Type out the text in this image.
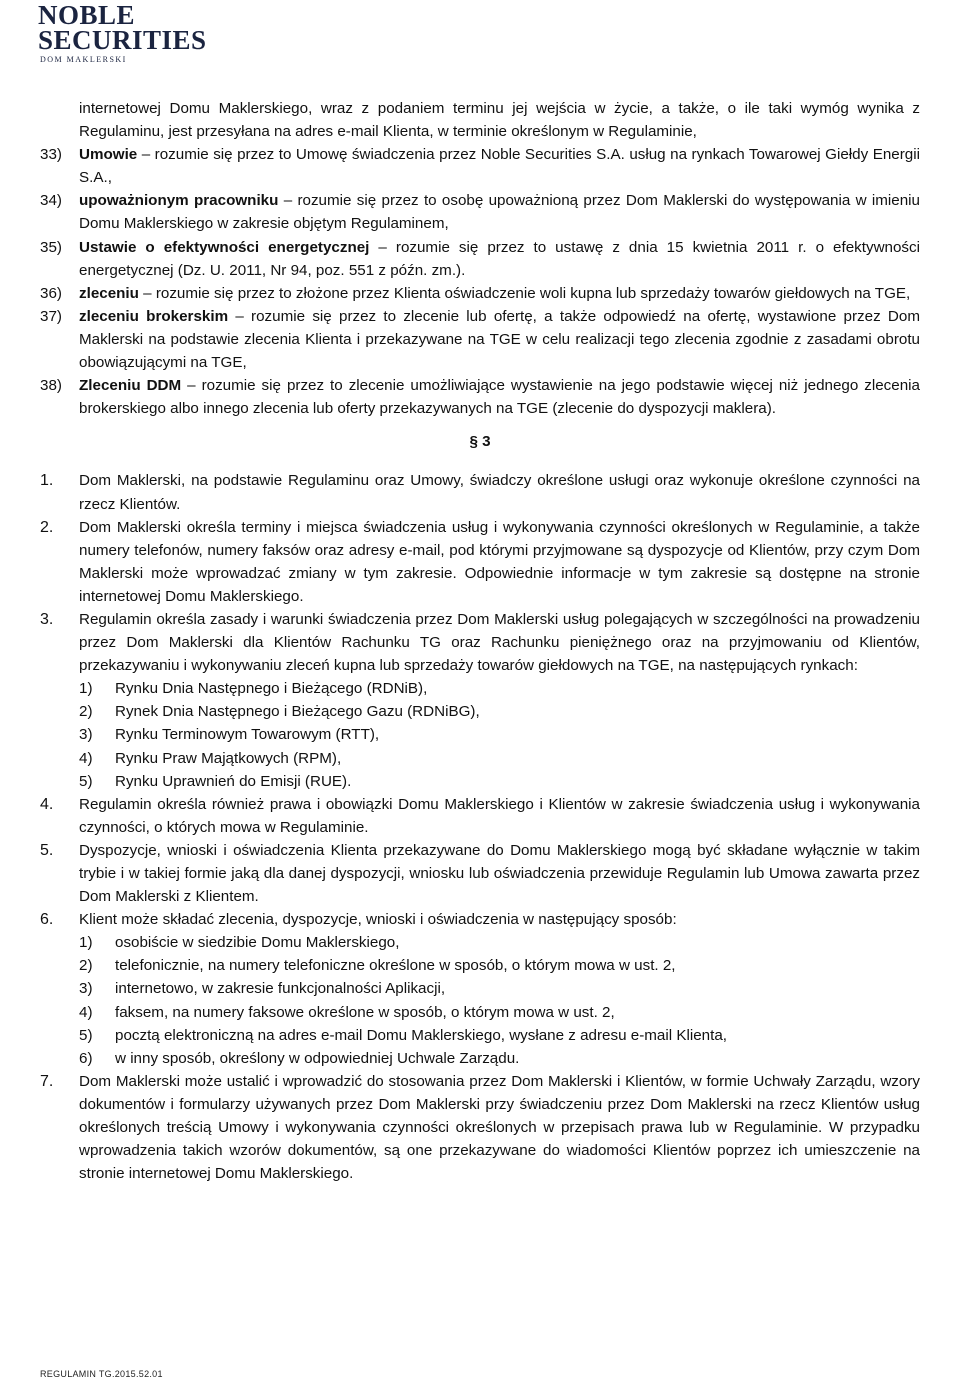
NOBLE
SECURITIES
DOM MAKLERSKI
internetowej Domu Maklerskiego, wraz z podaniem terminu jej wejścia w życie, a także, o ile taki wymóg wynika z Regulaminu, jest przesyłana na adres e-mail Klienta, w terminie określonym w Regulaminie,
33)	Umowie – rozumie się przez to Umowę świadczenia przez Noble Securities S.A. usług na rynkach Towarowej Giełdy Energii S.A.,
34)	upoważnionym pracowniku – rozumie się przez to osobę upoważnioną przez Dom Maklerski do występowania w imieniu Domu Maklerskiego w zakresie objętym Regulaminem,
35)	Ustawie o efektywności energetycznej – rozumie się przez to ustawę z dnia 15 kwietnia 2011 r. o efektywności energetycznej (Dz. U. 2011, Nr 94, poz. 551 z późn. zm.).
36)	zleceniu – rozumie się przez to złożone przez Klienta oświadczenie woli kupna lub sprzedaży towarów giełdowych na TGE,
37)	zleceniu brokerskim – rozumie się przez to zlecenie lub ofertę, a także odpowiedź na ofertę, wystawione przez Dom Maklerski na podstawie zlecenia Klienta i przekazywane na TGE w celu realizacji tego zlecenia zgodnie z zasadami obrotu obowiązującymi na TGE,
38)	Zleceniu DDM – rozumie się przez to zlecenie umożliwiające wystawienie na jego podstawie więcej niż jednego zlecenia brokerskiego albo innego zlecenia lub oferty przekazywanych na TGE (zlecenie do dyspozycji maklera).
§ 3
1.	Dom Maklerski, na podstawie Regulaminu oraz Umowy, świadczy określone usługi oraz wykonuje określone czynności na rzecz Klientów.
2.	Dom Maklerski określa terminy i miejsca świadczenia usług i wykonywania czynności określonych w Regulaminie, a także numery telefonów, numery faksów oraz adresy e-mail, pod którymi przyjmowane są dyspozycje od Klientów, przy czym Dom Maklerski może wprowadzać zmiany w tym zakresie. Odpowiednie informacje w tym zakresie są dostępne na stronie internetowej Domu Maklerskiego.
3.	Regulamin określa zasady i warunki świadczenia przez Dom Maklerski usług polegających w szczególności na prowadzeniu przez Dom Maklerski dla Klientów Rachunku TG oraz Rachunku pieniężnego oraz na przyjmowaniu od Klientów, przekazywaniu i wykonywaniu zleceń kupna lub sprzedaży towarów giełdowych na TGE, na następujących rynkach:
1)	Rynku Dnia Następnego i Bieżącego (RDNiB),
2)	Rynek Dnia Następnego i Bieżącego Gazu (RDNiBG),
3)	Rynku Terminowym Towarowym (RTT),
4)	Rynku Praw Majątkowych (RPM),
5)	Rynku Uprawnień do Emisji (RUE).
4.	Regulamin określa również prawa i obowiązki Domu Maklerskiego i Klientów w zakresie świadczenia usług i wykonywania czynności, o których mowa w Regulaminie.
5.	Dyspozycje, wnioski i oświadczenia Klienta przekazywane do Domu Maklerskiego mogą być składane wyłącznie w takim trybie i w takiej formie jaką dla danej dyspozycji, wniosku lub oświadczenia przewiduje Regulamin lub Umowa zawarta przez Dom Maklerski z Klientem.
6.	Klient może składać zlecenia, dyspozycje, wnioski i oświadczenia w następujący sposób:
1)	osobiście w siedzibie Domu Maklerskiego,
2)	telefonicznie, na numery telefoniczne określone w sposób, o którym mowa w ust. 2,
3)	internetowo, w zakresie funkcjonalności Aplikacji,
4)	faksem, na numery faksowe określone w sposób, o którym mowa w ust. 2,
5)	pocztą elektroniczną na adres e-mail Domu Maklerskiego, wysłane z adresu e-mail Klienta,
6)	w inny sposób, określony w odpowiedniej Uchwale Zarządu.
7.	Dom Maklerski może ustalić i wprowadzić do stosowania przez Dom Maklerski i Klientów, w formie Uchwały Zarządu, wzory dokumentów i formularzy używanych przez Dom Maklerski przy świadczeniu przez Dom Maklerski na rzecz Klientów usług określonych treścią Umowy i wykonywania czynności określonych w przepisach prawa lub w Regulaminie. W przypadku wprowadzenia takich wzorów dokumentów, są one przekazywane do wiadomości Klientów poprzez ich umieszczenie na stronie internetowej Domu Maklerskiego.
REGULAMIN TG.2015.52.01
